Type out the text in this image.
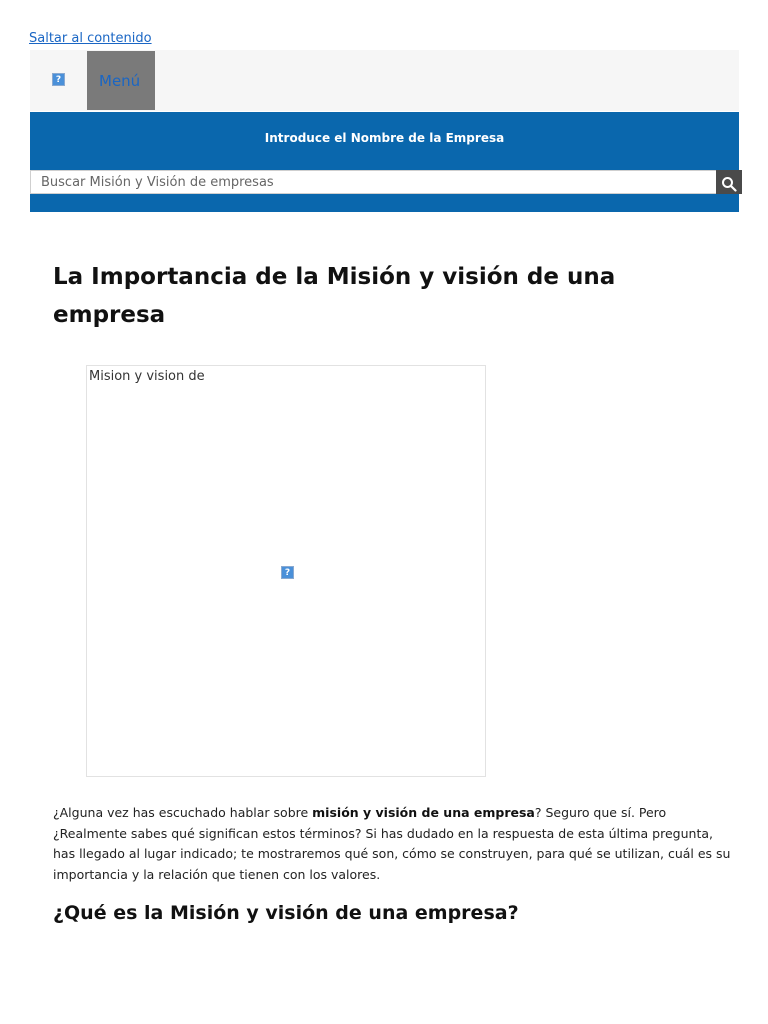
Saltar al contenido
?	Menú
Introduce el Nombre de la Empresa
Buscar Misión y Visión de empresas
La Importancia de la Misión y visión de una empresa
Mision y vision de
?

¿Alguna vez has escuchado hablar sobre misión y visión de una empresa? Seguro que sí. Pero ¿Realmente sabes qué significan estos términos? Si has dudado en la respuesta de esta última pregunta, has llegado al lugar indicado; te mostraremos qué son, cómo se construyen, para qué se utilizan, cuál es su importancia y la relación que tienen con los valores.

¿Qué es la Misión y visión de una empresa?
